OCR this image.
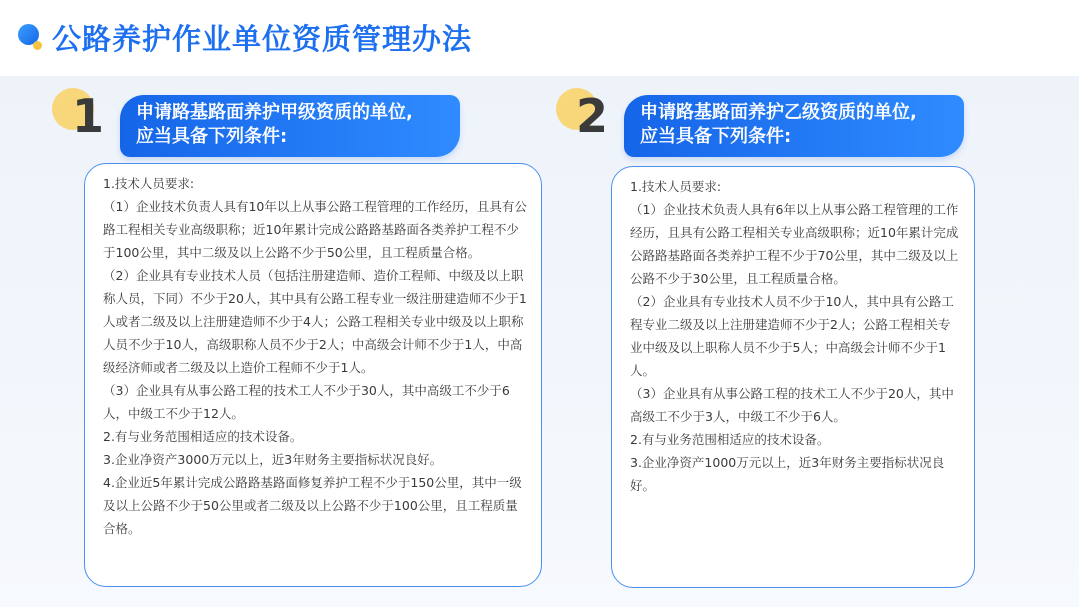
公路养护作业单位资质管理办法
1 申请路基路面养护甲级资质的单位,
应当具备下列条件:

1.技术人员要求:

（1）企业技术负责人具有10年以上从事公路工程管理的工作经历，且具有公路工程相关专业高级职称；近10年累计完成公路路基路面各类养护工程不少于100公里，其中二级及以上公路不少于50公里，且工程质量合格。

（2）企业具有专业技术人员（包括注册建造师、造价工程师、中级及以上职称人员，下同）不少于20人，其中具有公路工程专业一级注册建造师不少于1人或者二级及以上注册建造师不少于4人；公路工程相关专业中级及以上职称人员不少于10人，高级职称人员不少于2人；中高级会计师不少于1人，中高级经济师或者二级及以上造价工程师不少于1人。

（3）企业具有从事公路工程的技术工人不少于30人，其中高级工不少于6人，中级工不少于12人。

2.有与业务范围相适应的技术设备。

3.企业净资产3000万元以上，近3年财务主要指标状况良好。

4.企业近5年累计完成公路路基路面修复养护工程不少于150公里，其中一级及以上公路不少于50公里或者二级及以上公路不少于100公里，且工程质量合格。

2 申请路基路面养护乙级资质的单位,
应当具备下列条件:

1.技术人员要求:

（1）企业技术负责人具有6年以上从事公路工程管理的工作经历，且具有公路工程相关专业高级职称；近10年累计完成公路路基路面各类养护工程不少于70公里，其中二级及以上公路不少于30公里，且工程质量合格。

（2）企业具有专业技术人员不少于10人，其中具有公路工程专业二级及以上注册建造师不少于2人；公路工程相关专业中级及以上职称人员不少于5人；中高级会计师不少于1人。

（3）企业具有从事公路工程的技术工人不少于20人，其中高级工不少于3人，中级工不少于6人。

2.有与业务范围相适应的技术设备。

3.企业净资产1000万元以上，近3年财务主要指标状况良好。
